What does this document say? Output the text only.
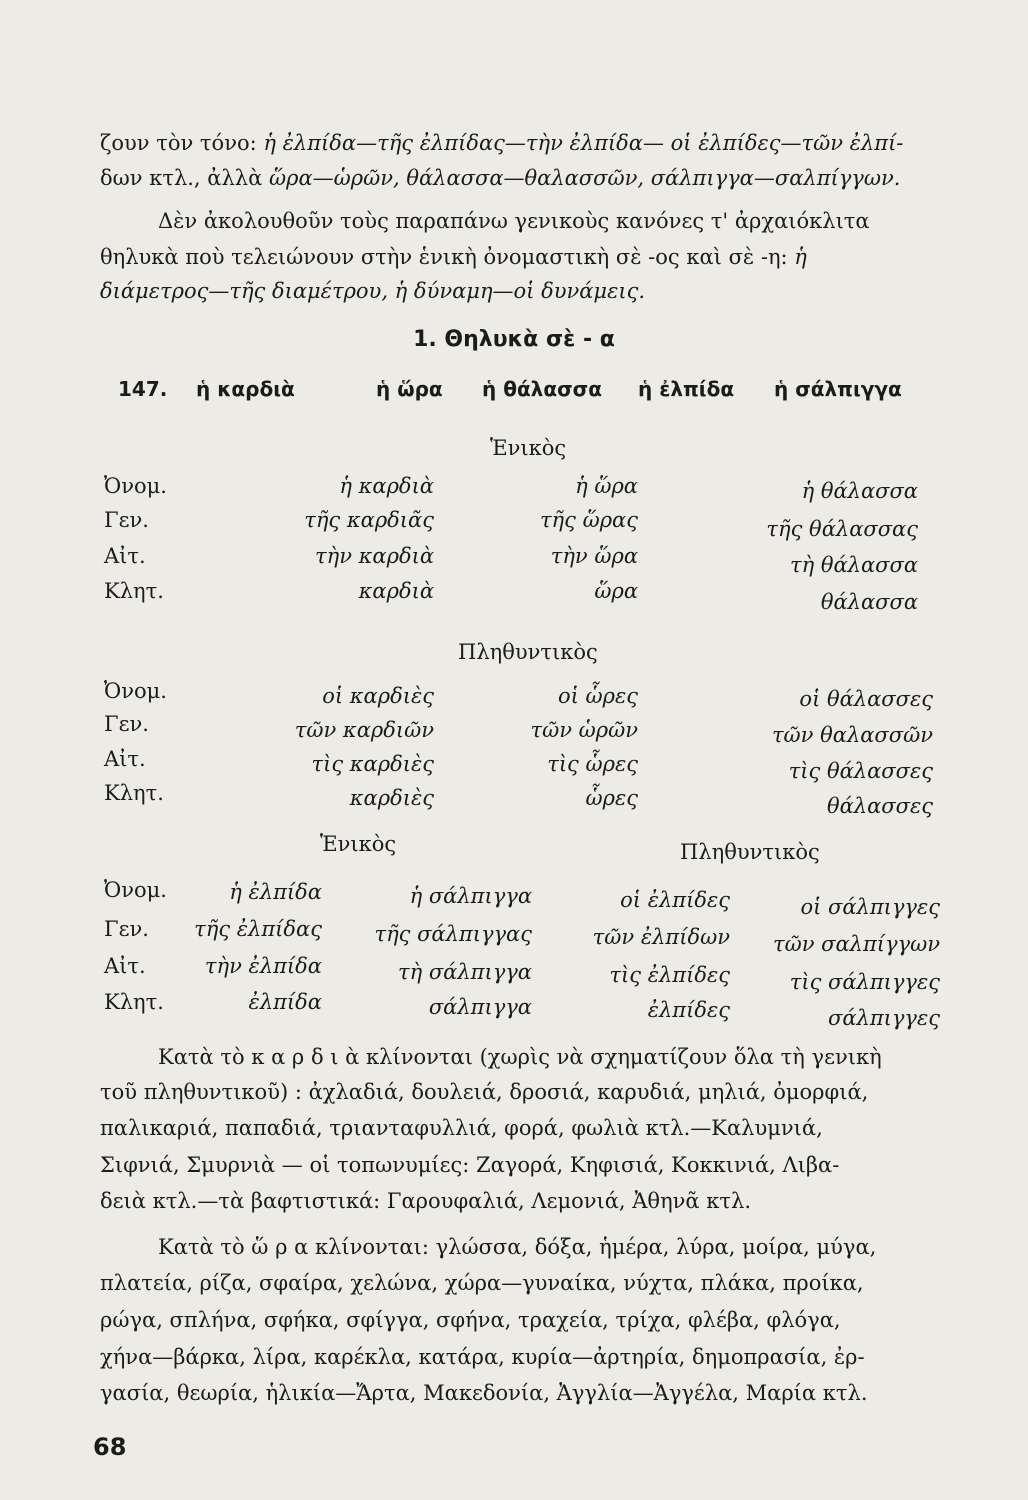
ζουν τὸν τόνο: ἡ ἐλπίδα—τῆς ἐλπίδας—τὴν ἐλπίδα— οἱ ἐλπίδες—τῶν ἐλπί-
δων κτλ., ἀλλὰ ὥρα—ὡρῶν, θάλασσα—θαλασσῶν, σάλπιγγα—σαλπίγγων.
Δὲν ἀκολουθοῦν τοὺς παραπάνω γενικοὺς κανόνες τ' ἀρχαιόκλιτα
θηλυκὰ ποὺ τελειώνουν στὴν ἑνικὴ ὀνομαστικὴ σὲ -ος καὶ σὲ -η: ἡ
διάμετρος—τῆς διαμέτρου, ἡ δύναμη—οἱ δυνάμεις.
1. Θηλυκὰ σὲ - α
147. ἡ καρδιὰ	ἡ ὥρα ἡ θάλασσα ἡ ἐλπίδα ἡ σάλπιγγα
Ἑνικὸς
Ὀνομ.
Γεν.
Αἰτ.
Κλητ.
ἡ καρδιὰ
τῆς καρδιᾶς
τὴν καρδιὰ
καρδιὰ
ἡ ὥρα
τῆς ὥρας
τὴν ὥρα
ὥρα
ἡ θάλασσα
τῆς θάλασσας
τὴ θάλασσα
θάλασσα
Πληθυντικὸς
Ὀνομ.
Γεν.
Αἰτ.
Κλητ.
οἱ καρδιὲς
τῶν καρδιῶν
τὶς καρδιὲς
καρδιὲς
οἱ ὧρες
τῶν ὡρῶν
τὶς ὧρες
ὧρες
οἱ θάλασσες
τῶν θαλασσῶν
τὶς θάλασσες
θάλασσες
Ἑνικὸς	Πληθυντικὸς
Ὀνομ.
Γεν.
Αἰτ.
Κλητ.
ἡ ἐλπίδα
τῆς ἐλπίδας
τὴν ἐλπίδα
ἐλπίδα
ἡ σάλπιγγα
τῆς σάλπιγγας
τὴ σάλπιγγα
σάλπιγγα
οἱ ἐλπίδες
τῶν ἐλπίδων
τὶς ἐλπίδες
ἐλπίδες
οἱ σάλπιγγες
τῶν σαλπίγγων
τὶς σάλπιγγες
σάλπιγγες
Κατὰ τὸ κ α ρ δ ι ὰ κλίνονται (χωρὶς νὰ σχηματίζουν ὅλα τὴ γενικὴ
τοῦ πληθυντικοῦ) : ἀχλαδιά, δουλειά, δροσιά, καρυδιά, μηλιά, ὀμορφιά,
παλικαριά, παπαδιά, τριανταφυλλιά, φορά, φωλιὰ κτλ.—Καλυμνιά,
Σιφνιά, Σμυρνιὰ — οἱ τοπωνυμίες: Ζαγορά, Κηφισιά, Κοκκινιά, Λιβα-
δειὰ κτλ.—τὰ βαφτιστικά: Γαρουφαλιά, Λεμονιά, Ἀθηνᾶ κτλ.
Κατὰ τὸ ὥ ρ α κλίνονται: γλώσσα, δόξα, ἡμέρα, λύρα, μοίρα, μύγα,
πλατεία, ρίζα, σφαίρα, χελώνα, χώρα—γυναίκα, νύχτα, πλάκα, προίκα,
ρώγα, σπλήνα, σφήκα, σφίγγα, σφήνα, τραχεία, τρίχα, φλέβα, φλόγα,
χήνα—βάρκα, λίρα, καρέκλα, κατάρα, κυρία—ἀρτηρία, δημοπρασία, ἐρ-
γασία, θεωρία, ἡλικία—Ἄρτα, Μακεδονία, Ἀγγλία—Ἀγγέλα, Μαρία κτλ.
68
